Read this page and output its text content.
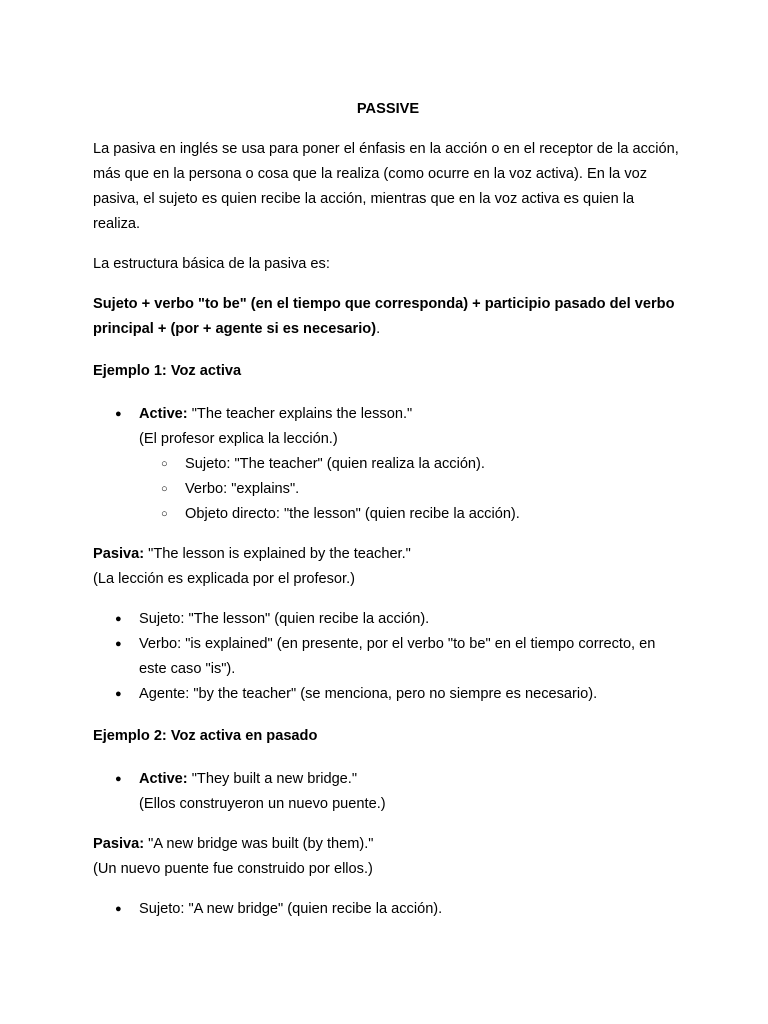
PASSIVE

La pasiva en inglés se usa para poner el énfasis en la acción o en el receptor de la acción, más que en la persona o cosa que la realiza (como ocurre en la voz activa). En la voz pasiva, el sujeto es quien recibe la acción, mientras que en la voz activa es quien la realiza.

La estructura básica de la pasiva es:

Sujeto + verbo "to be" (en el tiempo que corresponda) + participio pasado del verbo principal + (por + agente si es necesario).

Ejemplo 1: Voz activa

● Active: "The teacher explains the lesson."
(El profesor explica la lección.)
○ Sujeto: "The teacher" (quien realiza la acción).
○ Verbo: "explains".
○ Objeto directo: "the lesson" (quien recibe la acción).

Pasiva: "The lesson is explained by the teacher."

(La lección es explicada por el profesor.)

● Sujeto: "The lesson" (quien recibe la acción).
● Verbo: "is explained" (en presente, por el verbo "to be" en el tiempo correcto, en este caso "is").
● Agente: "by the teacher" (se menciona, pero no siempre es necesario).

Ejemplo 2: Voz activa en pasado

● Active: "They built a new bridge."
(Ellos construyeron un nuevo puente.)

Pasiva: "A new bridge was built (by them)."

(Un nuevo puente fue construido por ellos.)

● Sujeto: "A new bridge" (quien recibe la acción).
